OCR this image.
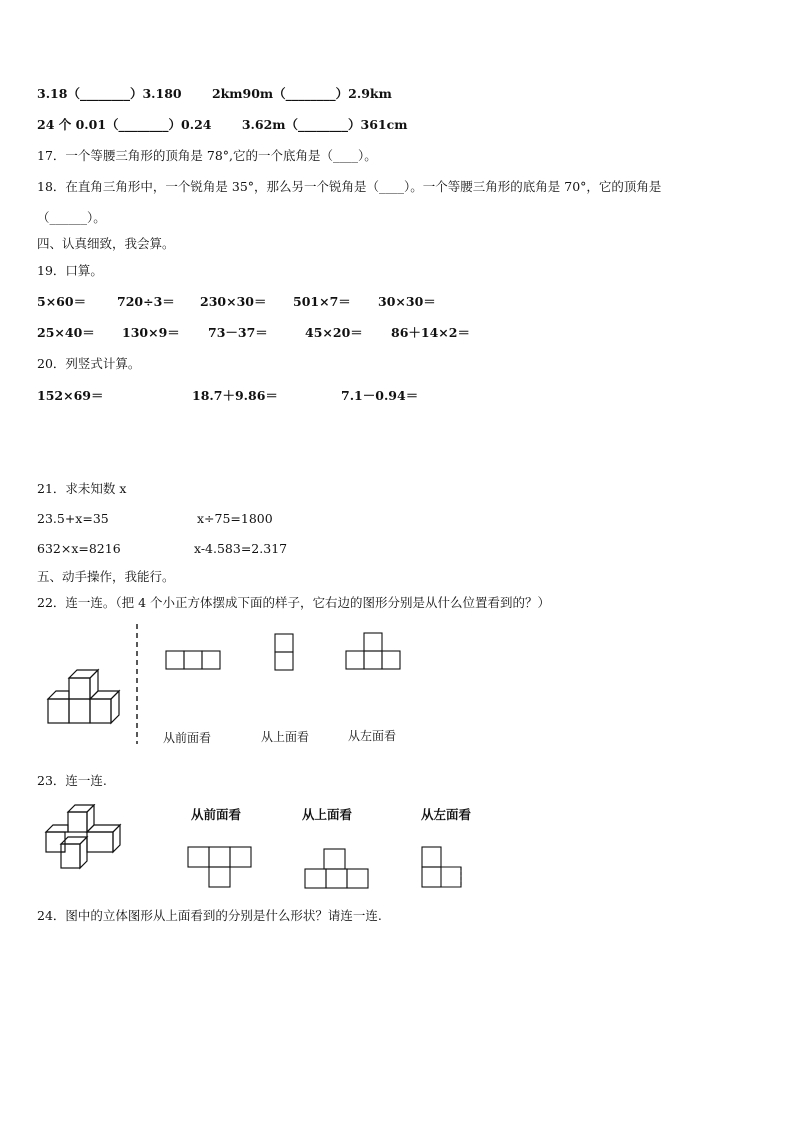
3.18（________）3.180 2km90m（________）2.9km
24 个 0.01（________）0.24 3.62m（________）361cm
17．一个等腰三角形的顶角是 78°,它的一个底角是（____）。
18．在直角三角形中，一个锐角是 35°，那么另一个锐角是（____）。一个等腰三角形的底角是 70°，它的顶角是
（______）。
四、认真细致，我会算。
19．口算。
5×60＝ 720÷3＝ 230×30＝ 501×7＝ 30×30＝
25×40＝ 130×9＝ 73－37＝	45×20＝ 86＋14×2＝
20．列竖式计算。
152×69＝	18.7＋9.86＝	7.1－0.94＝
21．求未知数 x
23.5+x=35	x÷75=1800
632×x=8216	x-4.583=2.317
五、动手操作，我能行。
22．连一连。（把 4 个小正方体摆成下面的样子，它右边的图形分别是从什么位置看到的？）
从前面看	从上面看	从左面看
23．连一连.
从前面看	从上面看	从左面看
24．图中的立体图形从上面看到的分别是什么形状？请连一连.
